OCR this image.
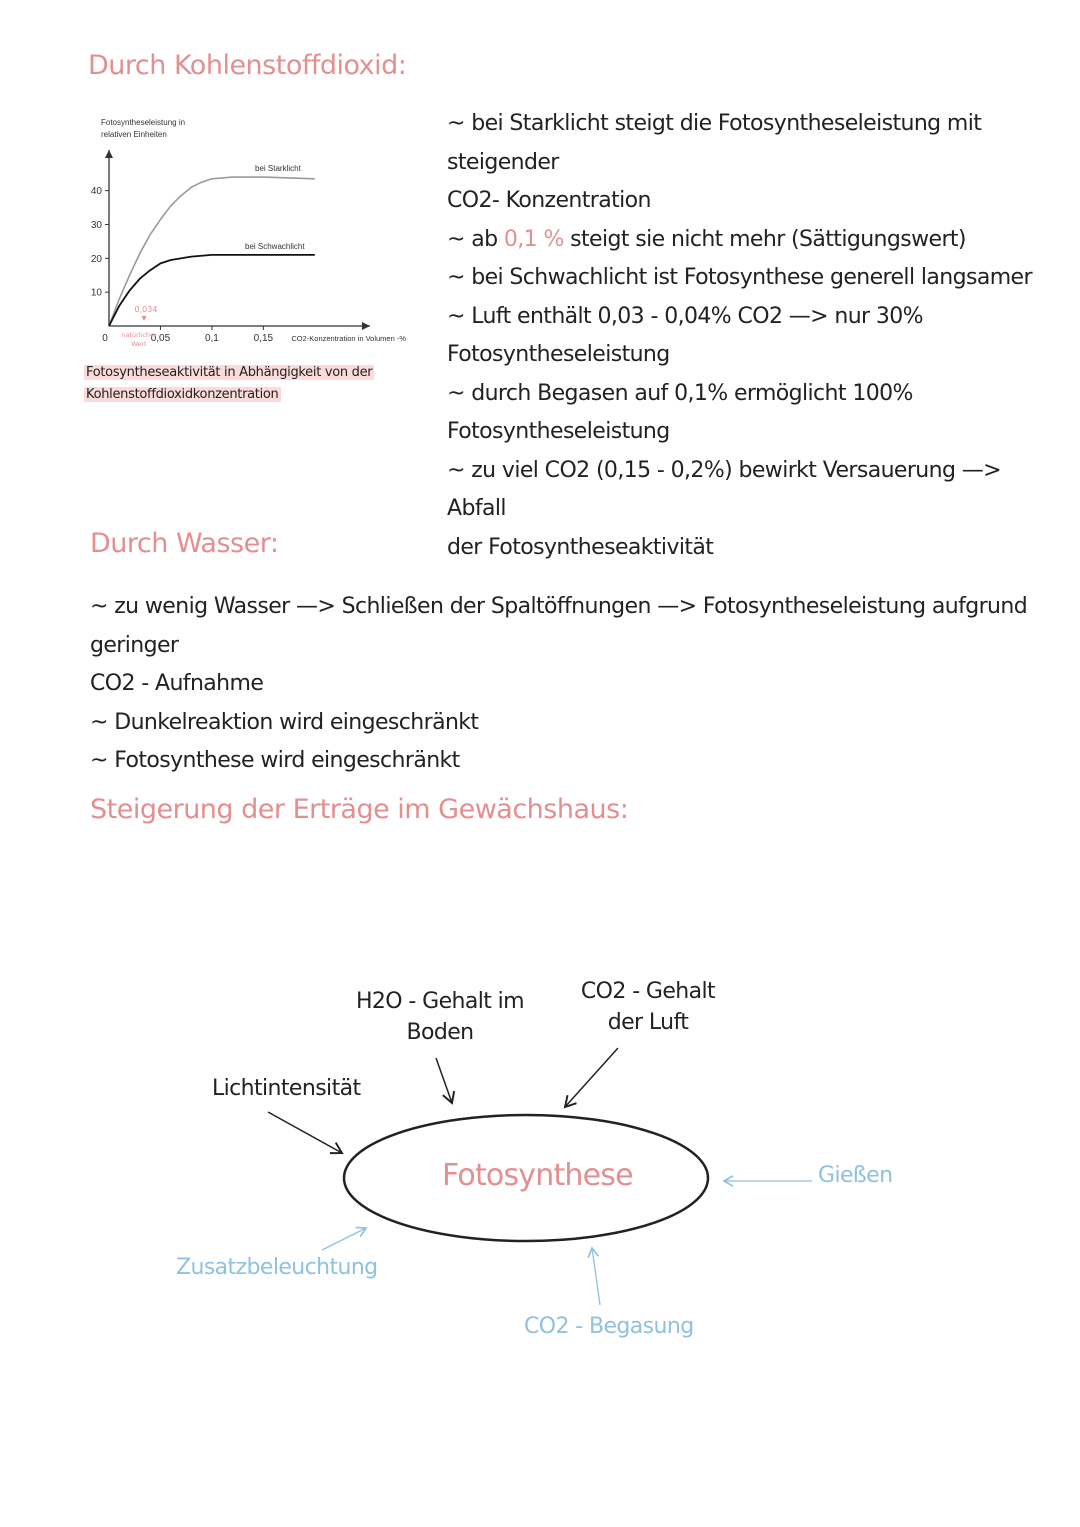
Durch Kohlenstoffdioxid:
Fotosyntheseleistung in
relativen Einheiten
10
20
30
40
0	0,05	0,1	0,15 CO2-Konzentration in Volumen -%
0,034
natürlicher
Wert
bei Starklicht
bei Schwachlicht
Fotosyntheseaktivität in Abhängigkeit von der
Kohlenstoffdioxidkonzentration
~ bei Starklicht steigt die Fotosyntheseleistung mit steigender
CO2- Konzentration
~ ab 0,1 % steigt sie nicht mehr (Sättigungswert)
~ bei Schwachlicht ist Fotosynthese generell langsamer
~ Luft enthält 0,03 - 0,04% CO2 —> nur 30%
Fotosyntheseleistung
~ durch Begasen auf 0,1% ermöglicht 100%
Fotosyntheseleistung
~ zu viel CO2 (0,15 - 0,2%) bewirkt Versauerung —> Abfall
der Fotosyntheseaktivität
Durch Wasser:
~ zu wenig Wasser —> Schließen der Spaltöffnungen —> Fotosyntheseleistung aufgrund geringer
CO2 - Aufnahme
~ Dunkelreaktion wird eingeschränkt
~ Fotosynthese wird eingeschränkt
Steigerung der Erträge im Gewächshaus:
Fotosynthese
H2O - Gehalt im
Boden
CO2 - Gehalt
der Luft
Lichtintensität
Zusatzbeleuchtung
CO2 - Begasung
Gießen
